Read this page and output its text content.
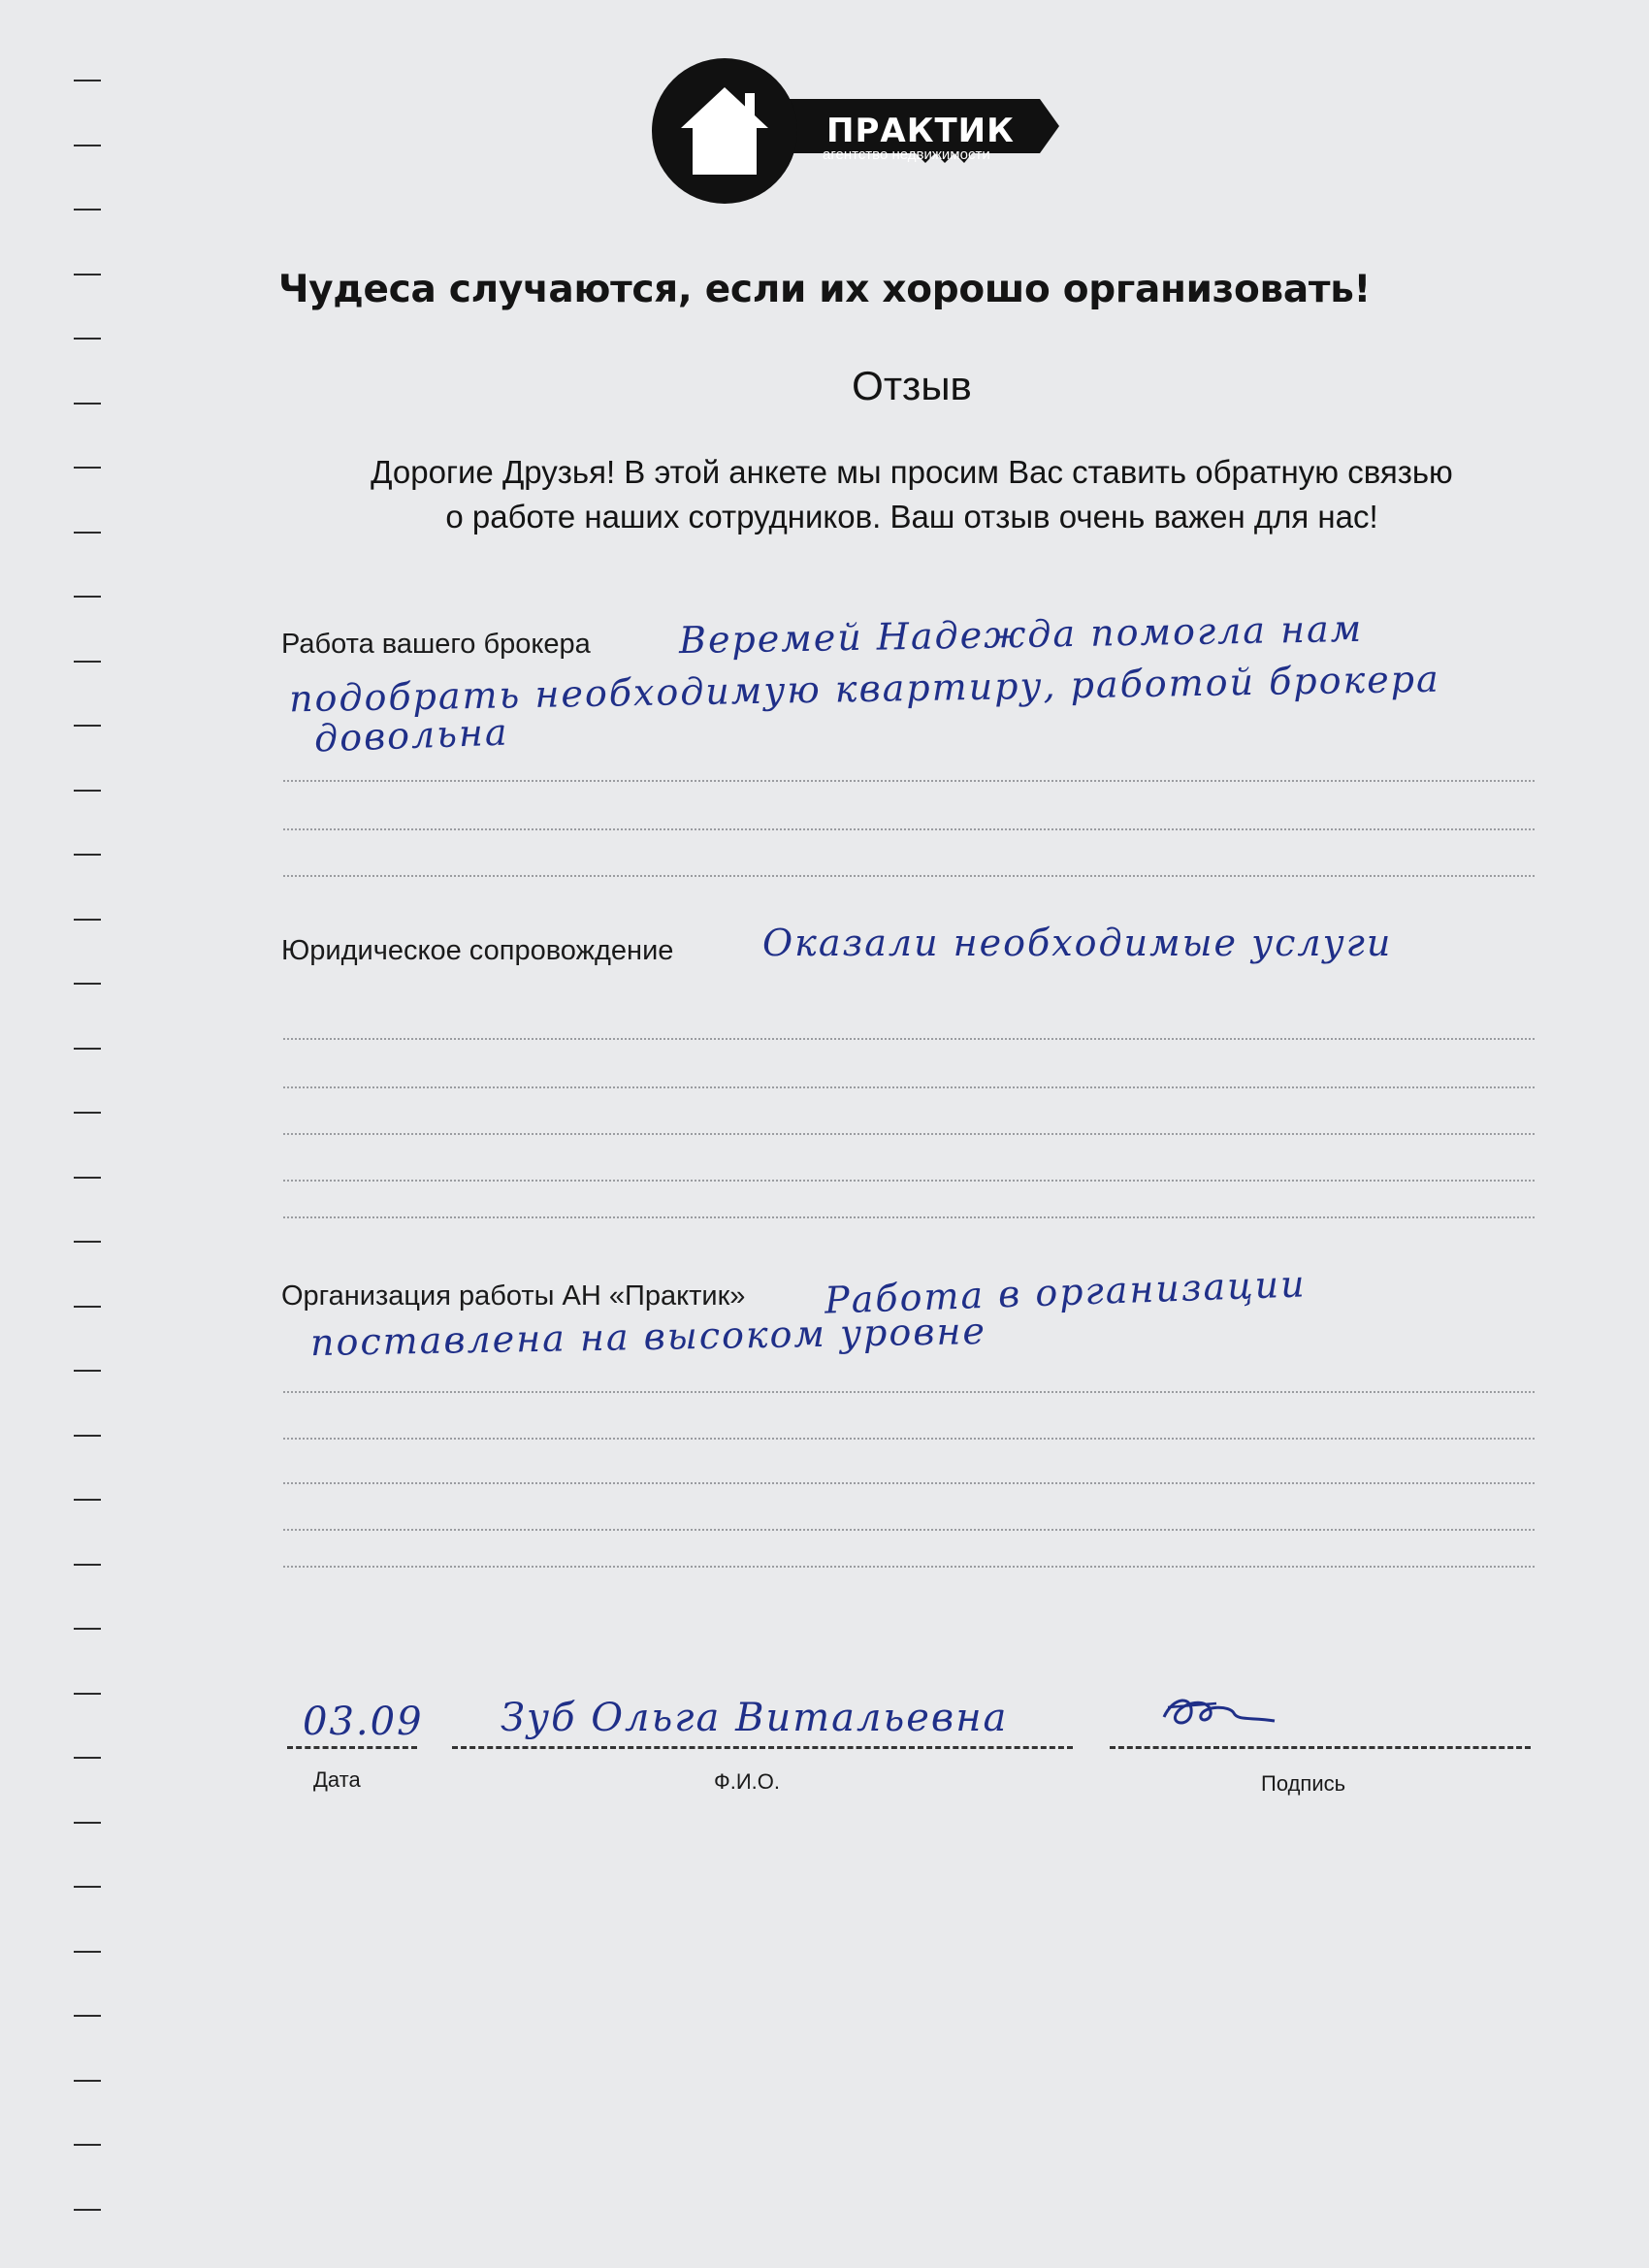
ПРАКТИК
агентство недвижимости
Чудеса случаются, если их хорошо организовать!
Отзыв
Дорогие Друзья! В этой анкете мы просим Вас ставить обратную связью
о работе наших сотрудников. Ваш отзыв очень важен для нас!
Работа вашего брокера Веремей Надежда помогла нам
подобрать необходимую квартиру, работой брокера
довольна
Юридическое сопровождение Оказали необходимые услуги
Организация работы АН «Практик» Работа в организации
поставлена на высоком уровне
03.09
Дата
Зуб Ольга Витальевна
Ф.И.О.	Подпись
